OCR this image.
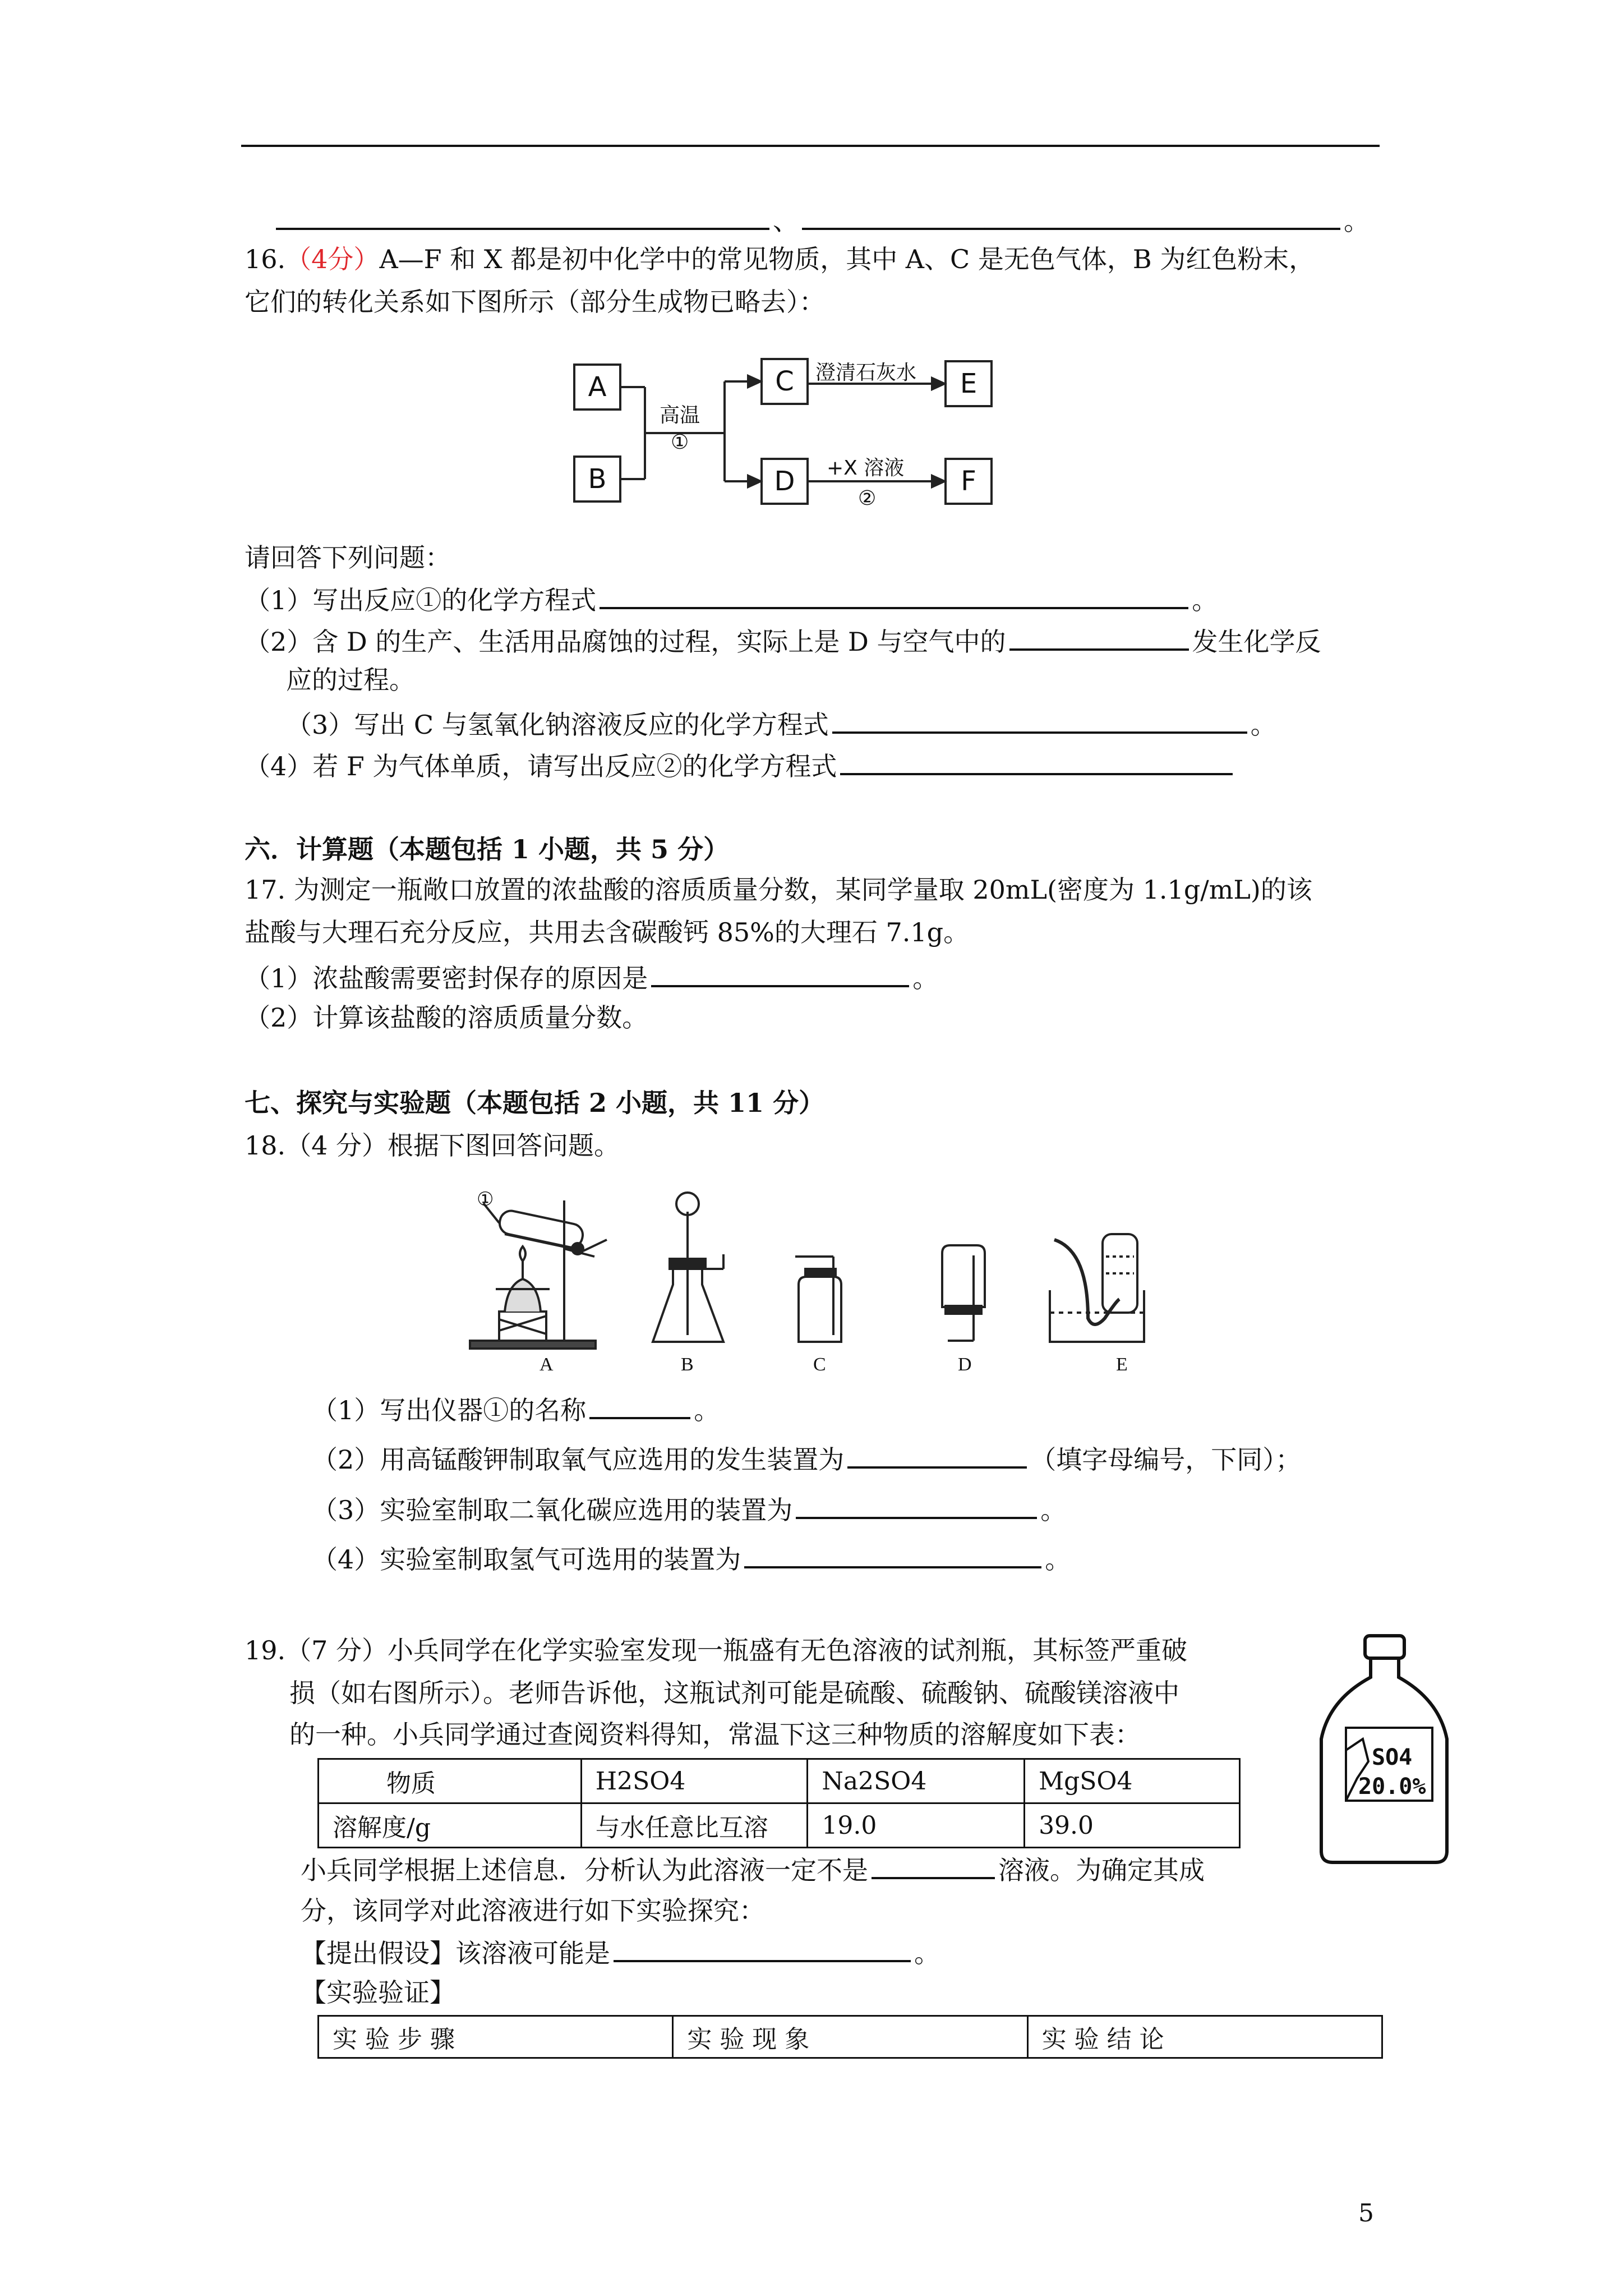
、	。
16.（4分）A—F 和 X 都是初中化学中的常见物质，其中 A、C 是无色气体，B 为红色粉末，
它们的转化关系如下图所示（部分生成物已略去）：
A
B
C
D
E
F
高温
①
澄清石灰水
+X 溶液
②
请回答下列问题：
（1）写出反应①的化学方程式	。
（2）含 D 的生产、生活用品腐蚀的过程，实际上是 D 与空气中的	发生化学反
应的过程。
（3）写出 C 与氢氧化钠溶液反应的化学方程式	。
（4）若 F 为气体单质，请写出反应②的化学方程式
六．计算题（本题包括 1 小题，共 5 分）
17. 为测定一瓶敞口放置的浓盐酸的溶质质量分数，某同学量取 20mL(密度为 1.1g/mL)的该
盐酸与大理石充分反应，共用去含碳酸钙 85%的大理石 7.1g。
（1）浓盐酸需要密封保存的原因是	。
（2）计算该盐酸的溶质质量分数。
七、探究与实验题（本题包括 2 小题，共 11 分）
18.（4 分）根据下图回答问题。
①
A	B	C	D	E
（1）写出仪器①的名称	。
（2）用高锰酸钾制取氧气应选用的发生装置为	（填字母编号，下同）；
（3）实验室制取二氧化碳应选用的装置为	。
（4）实验室制取氢气可选用的装置为	。
19.（7 分）小兵同学在化学实验室发现一瓶盛有无色溶液的试剂瓶，其标签严重破
损（如右图所示）。老师告诉他，这瓶试剂可能是硫酸、硫酸钠、硫酸镁溶液中
的一种。小兵同学通过查阅资料得知，常温下这三种物质的溶解度如下表：
SO4
20.0%
物质	H2SO4	Na2SO4	MgSO4
溶解度/g	与水任意比互溶	19.0	39.0
小兵同学根据上述信息．分析认为此溶液一定不是	溶液。为确定其成
分，该同学对此溶液进行如下实验探究：
【提出假设】该溶液可能是	。
【实验验证】
实 验 步 骤	实 验 现 象	实 验 结 论
5
